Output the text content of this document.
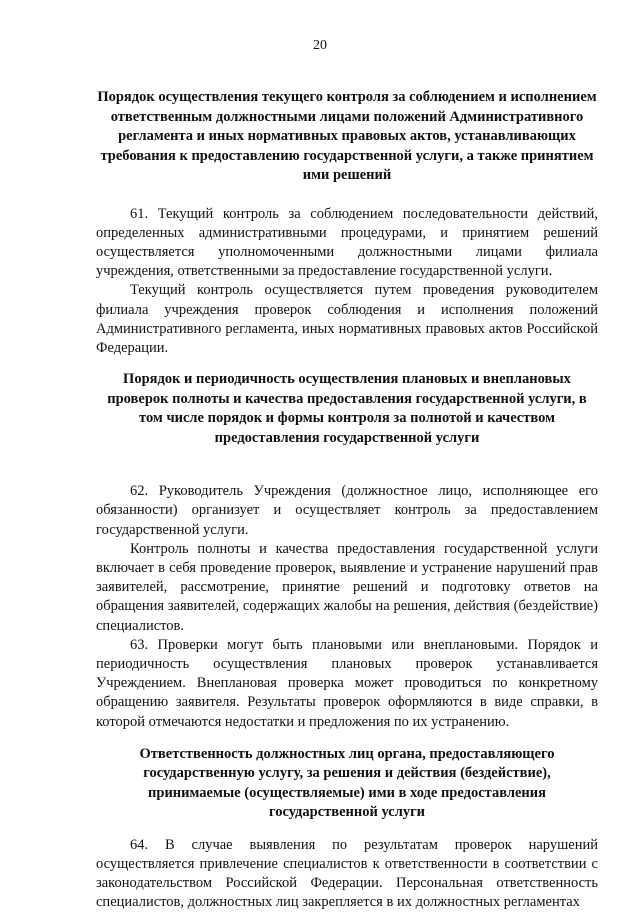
20

Порядок осуществления текущего контроля за соблюдением и исполнением ответственным должностными лицами положений Административного регламента и иных нормативных правовых актов, устанавливающих требования к предоставлению государственной услуги, а также принятием ими решений

61. Текущий контроль за соблюдением последовательности действий, определенных административными процедурами, и принятием решений осуществляется уполномоченными должностными лицами филиала учреждения, ответственными за предоставление государственной услуги.

Текущий контроль осуществляется путем проведения руководителем филиала учреждения проверок соблюдения и исполнения положений Административного регламента, иных нормативных правовых актов Российской Федерации.

Порядок и периодичность осуществления плановых и внеплановых проверок полноты и качества предоставления государственной услуги, в том числе порядок и формы контроля за полнотой и качеством предоставления государственной услуги

62. Руководитель Учреждения (должностное лицо, исполняющее его обязанности) организует и осуществляет контроль за предоставлением государственной услуги.

Контроль полноты и качества предоставления государственной услуги включает в себя проведение проверок, выявление и устранение нарушений прав заявителей, рассмотрение, принятие решений и подготовку ответов на обращения заявителей, содержащих жалобы на решения, действия (бездействие) специалистов.

63. Проверки могут быть плановыми или внеплановыми. Порядок и периодичность осуществления плановых проверок устанавливается Учреждением. Внеплановая проверка может проводиться по конкретному обращению заявителя. Результаты проверок оформляются в виде справки, в которой отмечаются недостатки и предложения по их устранению.

Ответственность должностных лиц органа, предоставляющего государственную услугу, за решения и действия (бездействие), принимаемые (осуществляемые) ими в ходе предоставления государственной услуги

64. В случае выявления по результатам проверок нарушений осуществляется привлечение специалистов к ответственности в соответствии с законодательством Российской Федерации. Персональная ответственность специалистов, должностных лиц закрепляется в их должностных регламентах
